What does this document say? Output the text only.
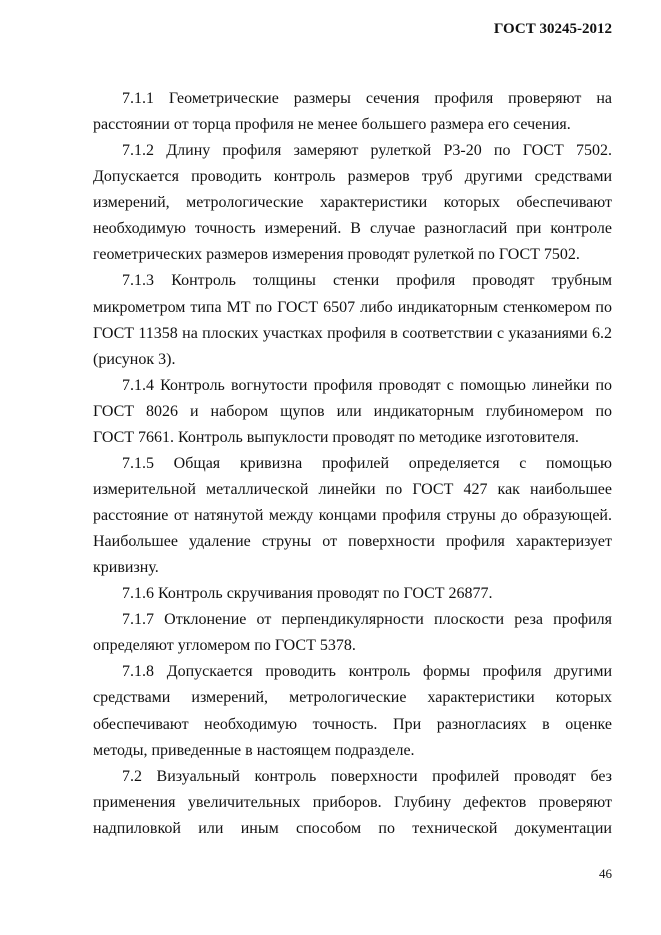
ГОСТ 30245-2012
7.1.1 Геометрические размеры сечения профиля проверяют на
расстоянии от торца профиля не менее большего размера его сечения.
7.1.2 Длину профиля замеряют рулеткой Р3-20 по ГОСТ 7502.
Допускается проводить контроль размеров труб другими средствами
измерений, метрологические характеристики которых обеспечивают
необходимую точность измерений. В случае разногласий при контроле
геометрических размеров измерения проводят рулеткой по ГОСТ 7502.
7.1.3 Контроль толщины стенки профиля проводят трубным
микрометром типа МТ по ГОСТ 6507 либо индикаторным стенкомером по
ГОСТ 11358 на плоских участках профиля в соответствии с указаниями 6.2
(рисунок 3).
7.1.4 Контроль вогнутости профиля проводят с помощью линейки по
ГОСТ 8026 и набором щупов или индикаторным глубиномером по
ГОСТ 7661. Контроль выпуклости проводят по методике изготовителя.
7.1.5 Общая кривизна профилей определяется с помощью
измерительной металлической линейки по ГОСТ 427 как наибольшее
расстояние от натянутой между концами профиля струны до образующей.
Наибольшее удаление струны от поверхности профиля характеризует
кривизну.
7.1.6 Контроль скручивания проводят по ГОСТ 26877.
7.1.7 Отклонение от перпендикулярности плоскости реза профиля
определяют угломером по ГОСТ 5378.
7.1.8 Допускается проводить контроль формы профиля другими
средствами измерений, метрологические характеристики которых
обеспечивают необходимую точность. При разногласиях в оценке
методы, приведенные в настоящем подразделе.
7.2 Визуальный контроль поверхности профилей проводят без
применения увеличительных приборов. Глубину дефектов проверяют
надпиловкой или иным способом по технической документации
46
